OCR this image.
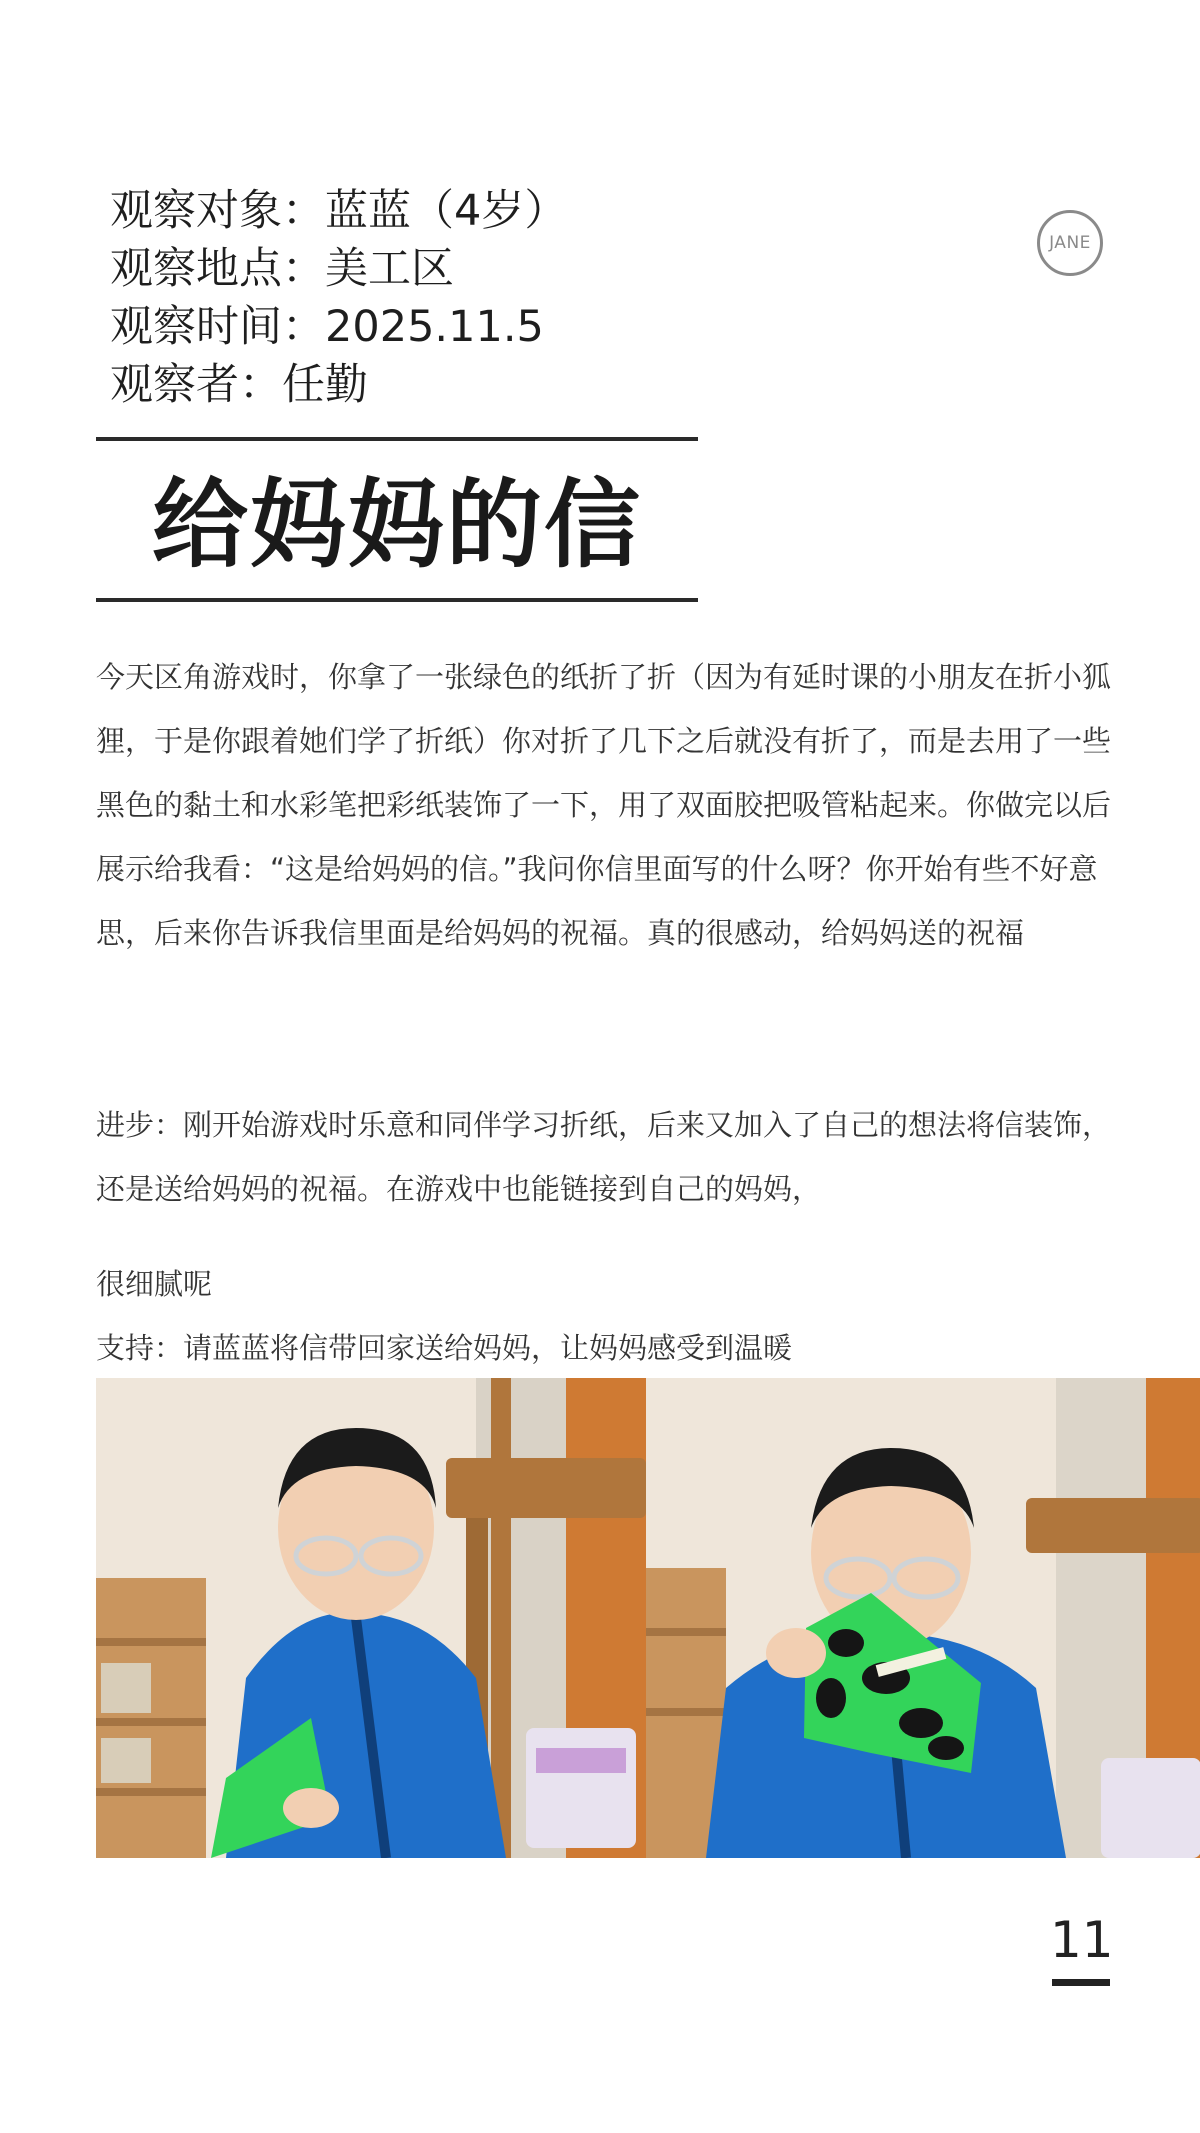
观察对象：蓝蓝（4岁）
观察地点：美工区
观察时间：2025.11.5
观察者：任勤
JANE
给妈妈的信

今天区角游戏时，你拿了一张绿色的纸折了折（因为有延时课的小朋友在折小狐狸，于是你跟着她们学了折纸）你对折了几下之后就没有折了，而是去用了一些黑色的黏土和水彩笔把彩纸装饰了一下，用了双面胶把吸管粘起来。你做完以后展示给我看：“这是给妈妈的信。”我问你信里面写的什么呀？你开始有些不好意思，后来你告诉我信里面是给妈妈的祝福。真的很感动，给妈妈送的祝福

进步：刚开始游戏时乐意和同伴学习折纸，后来又加入了自己的想法将信装饰，还是送给妈妈的祝福。在游戏中也能链接到自己的妈妈，

很细腻呢

支持：请蓝蓝将信带回家送给妈妈，让妈妈感受到温暖

11
